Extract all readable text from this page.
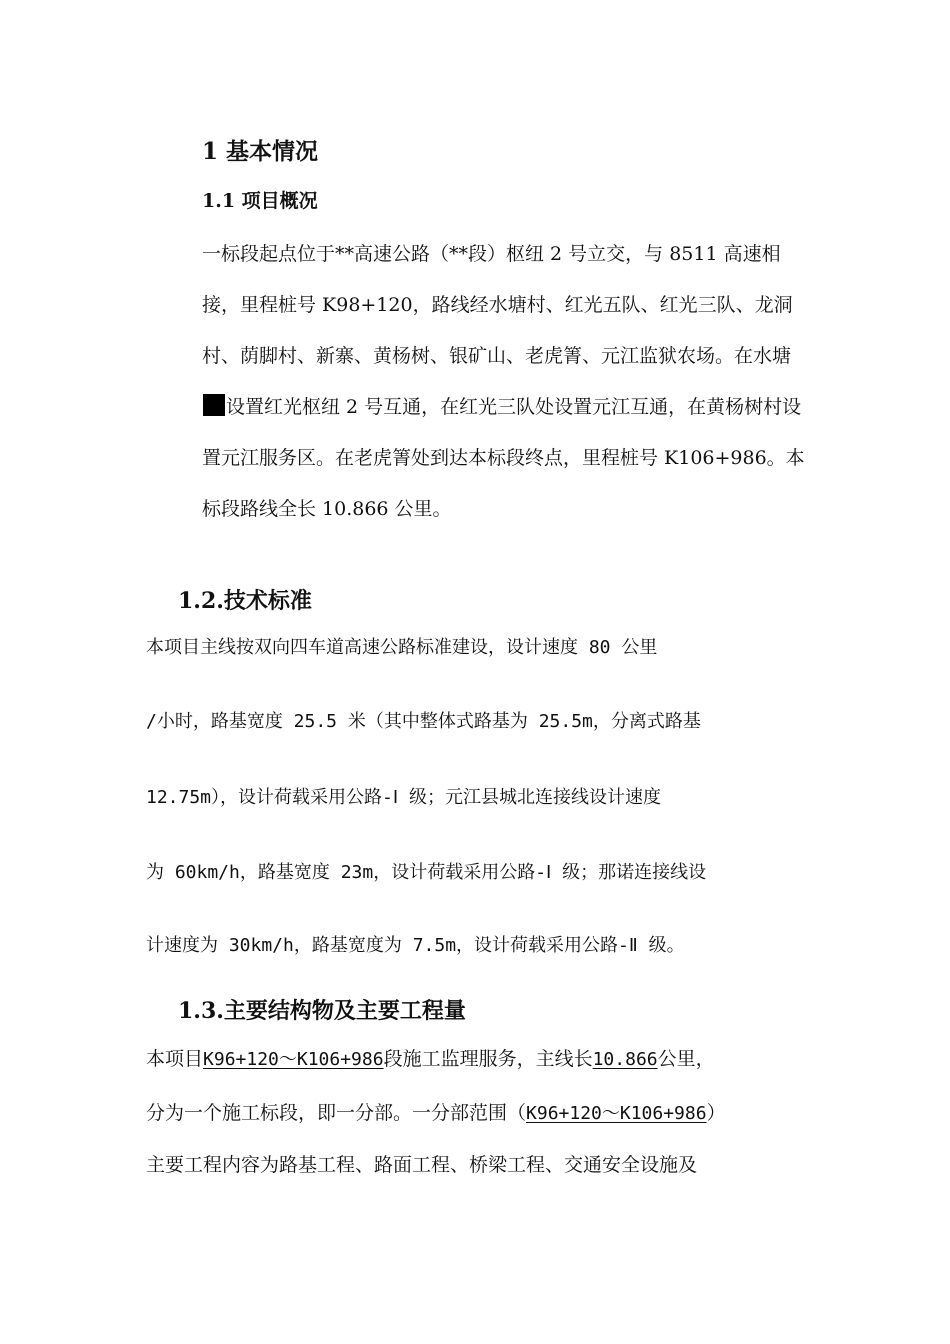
1 基本情况
1.1 项目概况

一标段起点位于**高速公路（**段）枢纽 2 号立交，与 8511 高速相接，里程桩号 K98+120，路线经水塘村、红光五队、红光三队、龙洞村、荫脚村、新寨、黄杨树、银矿山、老虎箐、元江监狱农场。在水塘设置红光枢纽 2 号互通，在红光三队处设置元江互通，在黄杨树村设置元江服务区。在老虎箐处到达本标段终点，里程桩号 K106+986。本标段路线全长 10.866 公里。

1.2.技术标准

本项目主线按双向四车道高速公路标准建设，设计速度 80 公里

/小时，路基宽度 25.5 米（其中整体式路基为 25.5m，分离式路基

12.75m），设计荷载采用公路-Ⅰ 级；元江县城北连接线设计速度

为 60km/h，路基宽度 23m，设计荷载采用公路-Ⅰ 级；那诺连接线设

计速度为 30km/h，路基宽度为 7.5m，设计荷载采用公路-Ⅱ 级。

1.3.主要结构物及主要工程量

本项目K96+120～K106+986段施工监理服务，主线长10.866公里，

分为一个施工标段，即一分部。一分部范围（K96+120～K106+986）

主要工程内容为路基工程、路面工程、桥梁工程、交通安全设施及
